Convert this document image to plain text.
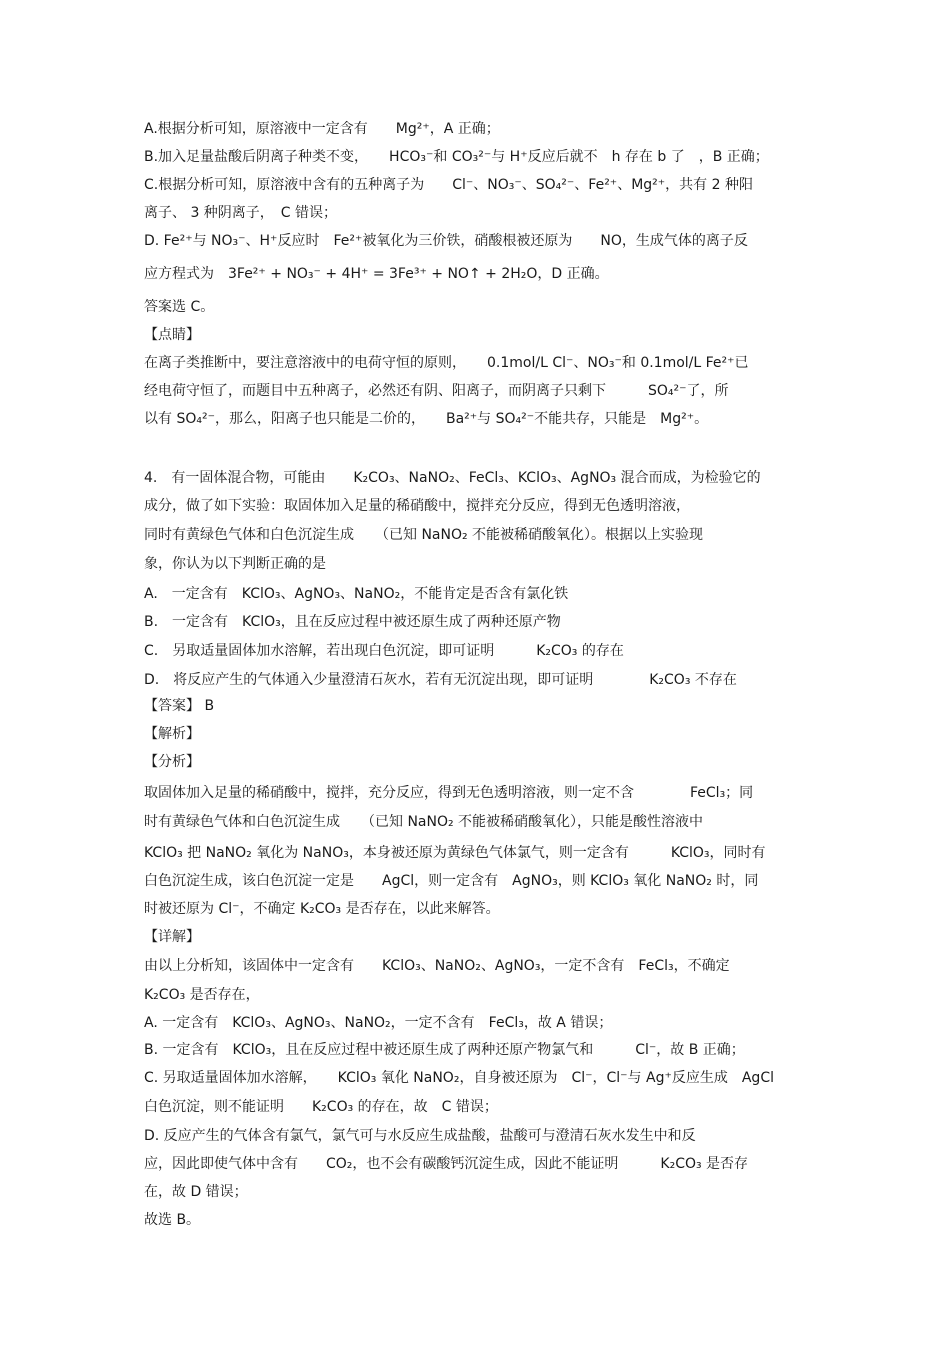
A.根据分析可知，原溶液中一定含有　　Mg²⁺，A 正确；
B.加入足量盐酸后阴离子种类不变，　　HCO₃⁻和 CO₃²⁻与 H⁺反应后就不　h 存在 b 了　，B 正确；
C.根据分析可知，原溶液中含有的五种离子为　　Cl⁻、NO₃⁻、SO₄²⁻、Fe²⁺、Mg²⁺，共有 2 种阳
离子、 3 种阴离子，　C 错误；
D. Fe²⁺与 NO₃⁻、H⁺反应时　Fe²⁺被氧化为三价铁，硝酸根被还原为　　NO，生成气体的离子反
应方程式为　3Fe²⁺ + NO₃⁻ + 4H⁺ = 3Fe³⁺ + NO↑ + 2H₂O，D 正确。
答案选 C。
【点睛】
在离子类推断中，要注意溶液中的电荷守恒的原则，　　0.1mol/L Cl⁻、NO₃⁻和 0.1mol/L Fe²⁺已
经电荷守恒了，而题目中五种离子，必然还有阴、阳离子，而阴离子只剩下　　　SO₄²⁻了，所
以有 SO₄²⁻，那么，阳离子也只能是二价的，　　Ba²⁺与 SO₄²⁻不能共存，只能是　Mg²⁺。
4.　有一固体混合物，可能由　　K₂CO₃、NaNO₂、FeCl₃、KClO₃、AgNO₃ 混合而成，为检验它的
成分，做了如下实验：取固体加入足量的稀硝酸中，搅拌充分反应，得到无色透明溶液，
同时有黄绿色气体和白色沉淀生成　　（已知 NaNO₂ 不能被稀硝酸氧化）。根据以上实验现
象，你认为以下判断正确的是
A.　一定含有　KClO₃、AgNO₃、NaNO₂，不能肯定是否含有氯化铁
B.　一定含有　KClO₃，且在反应过程中被还原生成了两种还原产物
C.　另取适量固体加水溶解，若出现白色沉淀，即可证明　　　K₂CO₃ 的存在
D.　将反应产生的气体通入少量澄清石灰水，若有无沉淀出现，即可证明　　　　K₂CO₃ 不存在
【答案】 B
【解析】
【分析】
取固体加入足量的稀硝酸中，搅拌，充分反应，得到无色透明溶液，则一定不含　　　　FeCl₃；同
时有黄绿色气体和白色沉淀生成　　（已知 NaNO₂ 不能被稀硝酸氧化），只能是酸性溶液中
KClO₃ 把 NaNO₂ 氧化为 NaNO₃，本身被还原为黄绿色气体氯气，则一定含有　　　KClO₃，同时有
白色沉淀生成，该白色沉淀一定是　　AgCl，则一定含有　AgNO₃，则 KClO₃ 氧化 NaNO₂ 时，同
时被还原为 Cl⁻，不确定 K₂CO₃ 是否存在，以此来解答。
【详解】
由以上分析知，该固体中一定含有　　KClO₃、NaNO₂、AgNO₃，一定不含有　FeCl₃，不确定
K₂CO₃ 是否存在，
A. 一定含有　KClO₃、AgNO₃、NaNO₂，一定不含有　FeCl₃，故 A 错误；
B. 一定含有　KClO₃，且在反应过程中被还原生成了两种还原产物氯气和　　　Cl⁻，故 B 正确；
C. 另取适量固体加水溶解，　　KClO₃ 氧化 NaNO₂，自身被还原为　Cl⁻，Cl⁻与 Ag⁺反应生成　AgCl
白色沉淀，则不能证明　　K₂CO₃ 的存在，故　C 错误；
D. 反应产生的气体含有氯气，氯气可与水反应生成盐酸，盐酸可与澄清石灰水发生中和反
应，因此即使气体中含有　　CO₂，也不会有碳酸钙沉淀生成，因此不能证明　　　K₂CO₃ 是否存
在，故 D 错误；
故选 B。
